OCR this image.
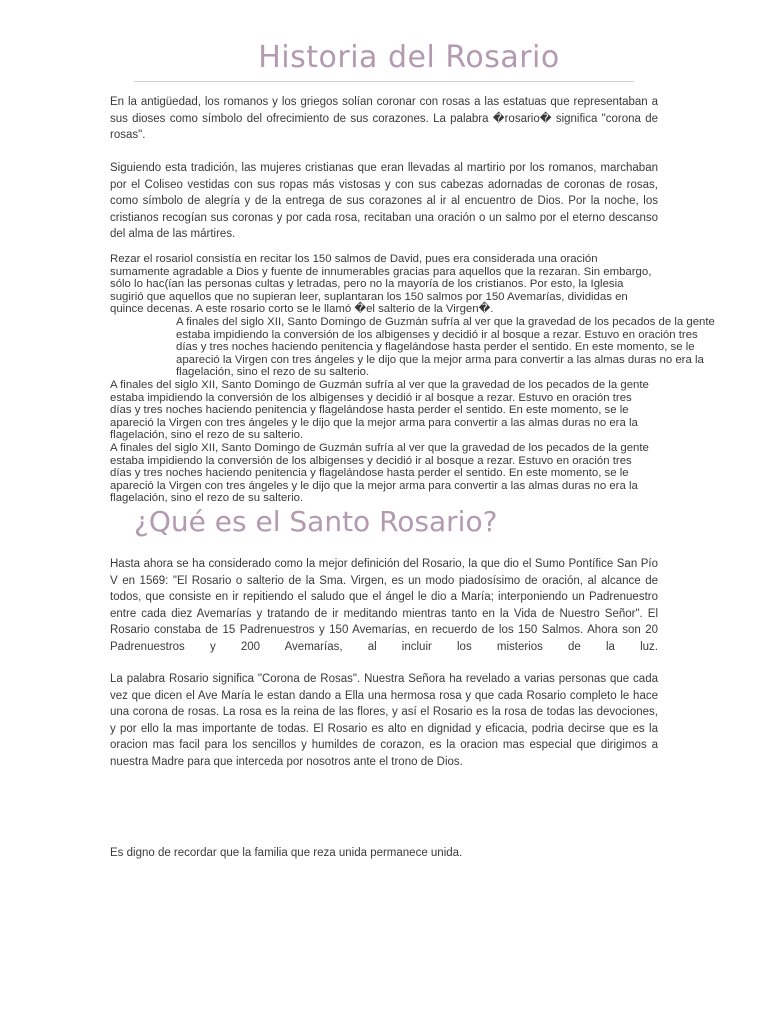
Historia del Rosario

En la antigüedad, los romanos y los griegos solían coronar con rosas a las estatuas que representaban a sus dioses como símbolo del ofrecimiento de sus corazones. La palabra �rosario� significa "corona de rosas".

Siguiendo esta tradición, las mujeres cristianas que eran llevadas al martirio por los romanos, marchaban por el Coliseo vestidas con sus ropas más vistosas y con sus cabezas adornadas de coronas de rosas, como símbolo de alegría y de la entrega de sus corazones al ir al encuentro de Dios. Por la noche, los cristianos recogían sus coronas y por cada rosa, recitaban una oración o un salmo por el eterno descanso del alma de las mártires.

Rezar el rosariol consistía en recitar los 150 salmos de David, pues era considerada una oración sumamente agradable a Dios y fuente de innumerables gracias para aquellos que la rezaran. Sin embargo, sólo lo hac(ían las personas cultas y letradas, pero no la mayoría de los cristianos. Por esto, la Iglesia sugirió que aquellos que no supieran leer, suplantaran los 150 salmos por 150 Avemarías, divididas en quince decenas. A este rosario corto se le llamó �el salterio de la Virgen�.

A finales del siglo XII, Santo Domingo de Guzmán sufría al ver que la gravedad de los pecados de la gente estaba impidiendo la conversión de los albigenses y decidió ir al bosque a rezar. Estuvo en oración tres días y tres noches haciendo penitencia y flagelándose hasta perder el sentido. En este momento, se le apareció la Virgen con tres ángeles y le dijo que la mejor arma para convertir a las almas duras no era la flagelación, sino el rezo de su salterio.

A finales del siglo XII, Santo Domingo de Guzmán sufría al ver que la gravedad de los pecados de la gente estaba impidiendo la conversión de los albigenses y decidió ir al bosque a rezar. Estuvo en oración tres días y tres noches haciendo penitencia y flagelándose hasta perder el sentido. En este momento, se le apareció la Virgen con tres ángeles y le dijo que la mejor arma para convertir a las almas duras no era la flagelación, sino el rezo de su salterio.

A finales del siglo XII, Santo Domingo de Guzmán sufría al ver que la gravedad de los pecados de la gente estaba impidiendo la conversión de los albigenses y decidió ir al bosque a rezar. Estuvo en oración tres días y tres noches haciendo penitencia y flagelándose hasta perder el sentido. En este momento, se le apareció la Virgen con tres ángeles y le dijo que la mejor arma para convertir a las almas duras no era la flagelación, sino el rezo de su salterio.

¿Qué es el Santo Rosario?

Hasta ahora se ha considerado como la mejor definición del Rosario, la que dio el Sumo Pontífice San Pío V en 1569: "El Rosario o salterio de la Sma. Virgen, es un modo piadosísimo de oración, al alcance de todos, que consiste en ir repitiendo el saludo que el ángel le dio a María; interponiendo un Padrenuestro entre cada diez Avemarías y tratando de ir meditando mientras tanto en la Vida de Nuestro Señor". El Rosario constaba de 15 Padrenuestros y 150 Avemarías, en recuerdo de los 150 Salmos. Ahora son 20 Padrenuestros y 200 Avemarías, al incluir los misterios de la luz.

La palabra Rosario significa "Corona de Rosas". Nuestra Señora ha revelado a varias personas que cada vez que dicen el Ave María le estan dando a Ella una hermosa rosa y que cada Rosario completo le hace una corona de rosas. La rosa es la reina de las flores, y así el Rosario es la rosa de todas las devociones, y por ello la mas importante de todas. El Rosario es alto en dignidad y eficacia, podria decirse que es la oracion mas facil para los sencillos y humildes de corazon, es la oracion mas especial que dirigimos a nuestra Madre para que interceda por nosotros ante el trono de Dios.

Es digno de recordar que la familia que reza unida permanece unida.
